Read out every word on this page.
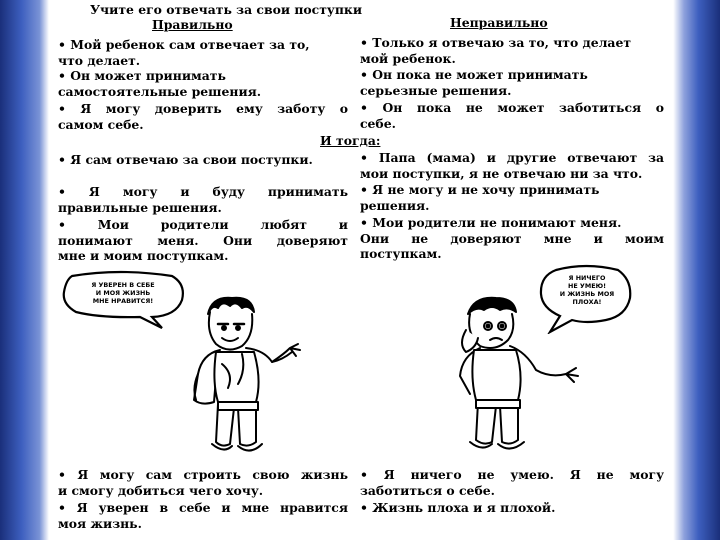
Учите его отвечать за свои поступки
Правильно	Неправильно
• Мой ребенок сам отвечает за то,
что делает.
• Он может принимать
самостоятельные решения.
• Я могу доверить ему заботу о
самом себе.
• Только я отвечаю за то, что делает
мой ребенок.
• Он пока не может принимать
серьезные решения.
• Он пока не может заботиться о
себе.
И тогда:
• Я сам отвечаю за свои поступки.
• Я могу и буду принимать
правильные решения.
• Мои родители любят и
понимают меня. Они доверяют
мне и моим поступкам.
• Папа (мама) и другие отвечают за
мои поступки, я не отвечаю ни за что.
• Я не могу и не хочу принимать
решения.
• Мои родители не понимают меня.
Они не доверяют мне и моим
поступкам.
Я УВЕРЕН В СЕБЕ
И МОЯ ЖИЗНЬ
МНЕ НРАВИТСЯ!
Я НИЧЕГО
НЕ УМЕЮ!
И ЖИЗНЬ МОЯ
ПЛОХА!
• Я могу сам строить свою жизнь
и смогу добиться чего хочу.
• Я уверен в себе и мне нравится
моя жизнь.
• Я ничего не умею. Я не могу
заботиться о себе.
• Жизнь плоха и я плохой.
